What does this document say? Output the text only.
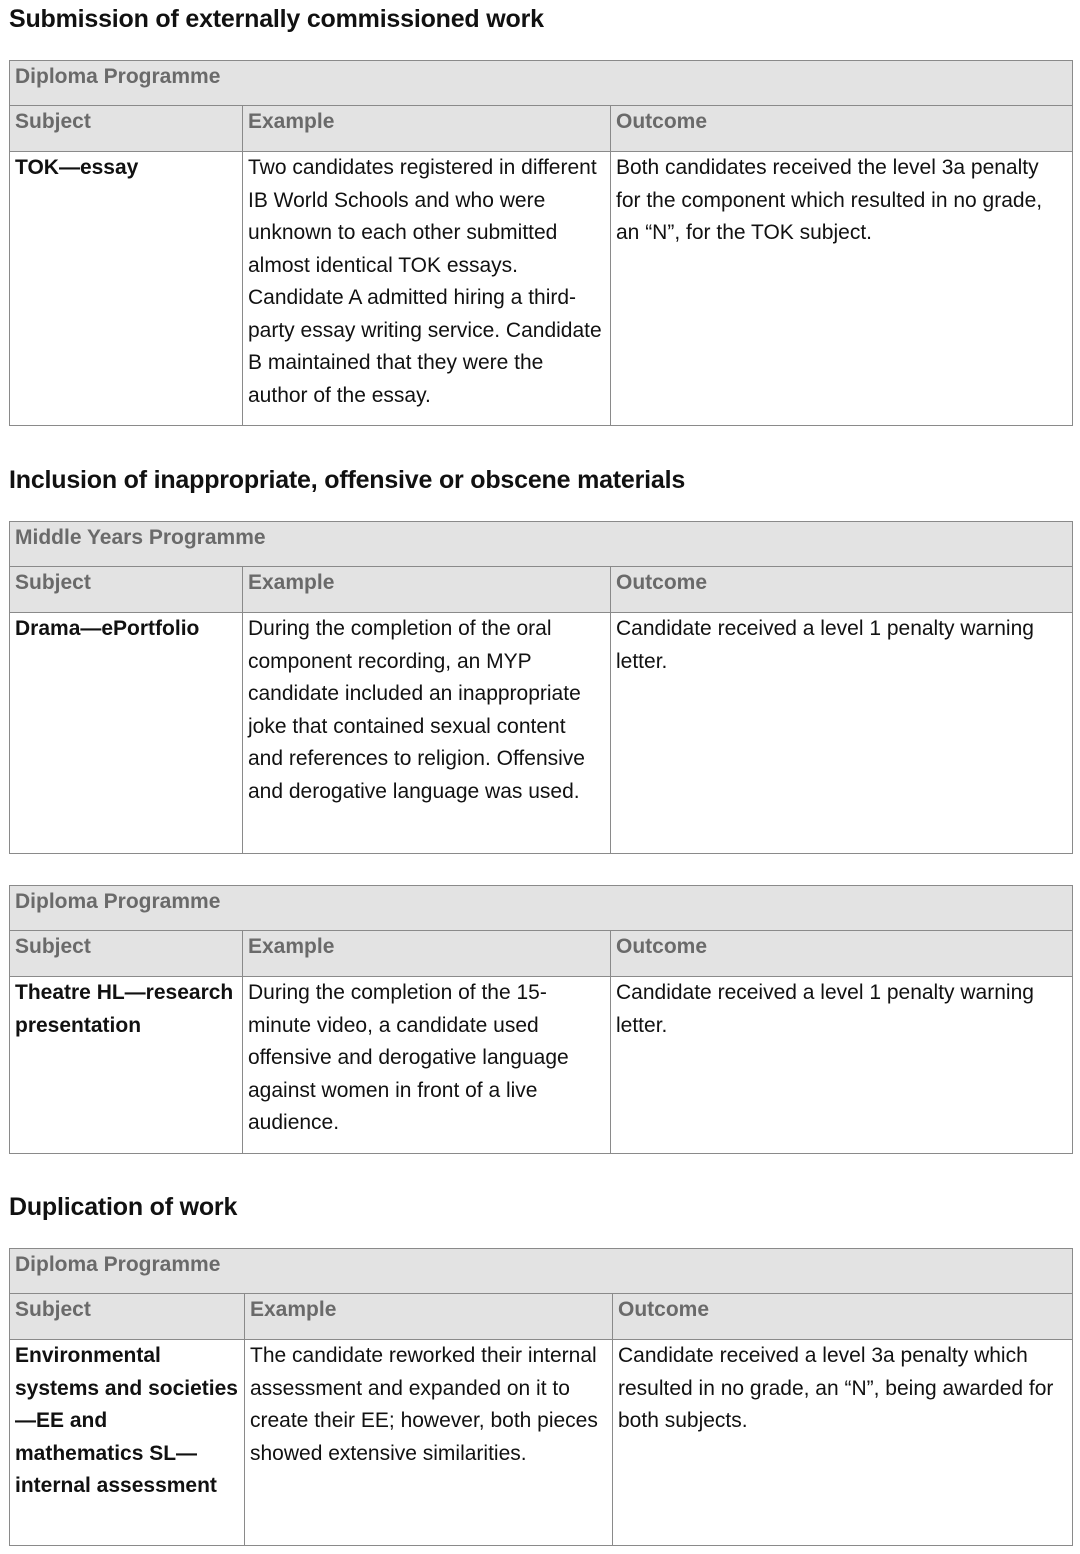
Submission of externally commissioned work
Diploma Programme		
Subject	Example	Outcome
TOK—essay	Two candidates registered in different IB World Schools and who were unknown to each other submitted almost identical TOK essays. Candidate A admitted hiring a third-party essay writing service. Candidate B maintained that they were the author of the essay.	Both candidates received the level 3a penalty for the component which resulted in no grade, an “N”, for the TOK subject.
Inclusion of inappropriate, offensive or obscene materials
Middle Years Programme		
Subject	Example	Outcome
Drama—ePortfolio	During the completion of the oral component recording, an MYP candidate included an inappropriate joke that contained sexual content and references to religion. Offensive and derogative language was used.	Candidate received a level 1 penalty warning letter.
Diploma Programme		
Subject	Example	Outcome
Theatre HL—research presentation	During the completion of the 15-minute video, a candidate used offensive and derogative language against women in front of a live audience.	Candidate received a level 1 penalty warning letter.
Duplication of work
Diploma Programme		
Subject	Example	Outcome
Environmental systems and societies—EE and mathematics SL—internal assessment	The candidate reworked their internal assessment and expanded on it to create their EE; however, both pieces showed extensive similarities.	Candidate received a level 3a penalty which resulted in no grade, an “N”, being awarded for both subjects.
